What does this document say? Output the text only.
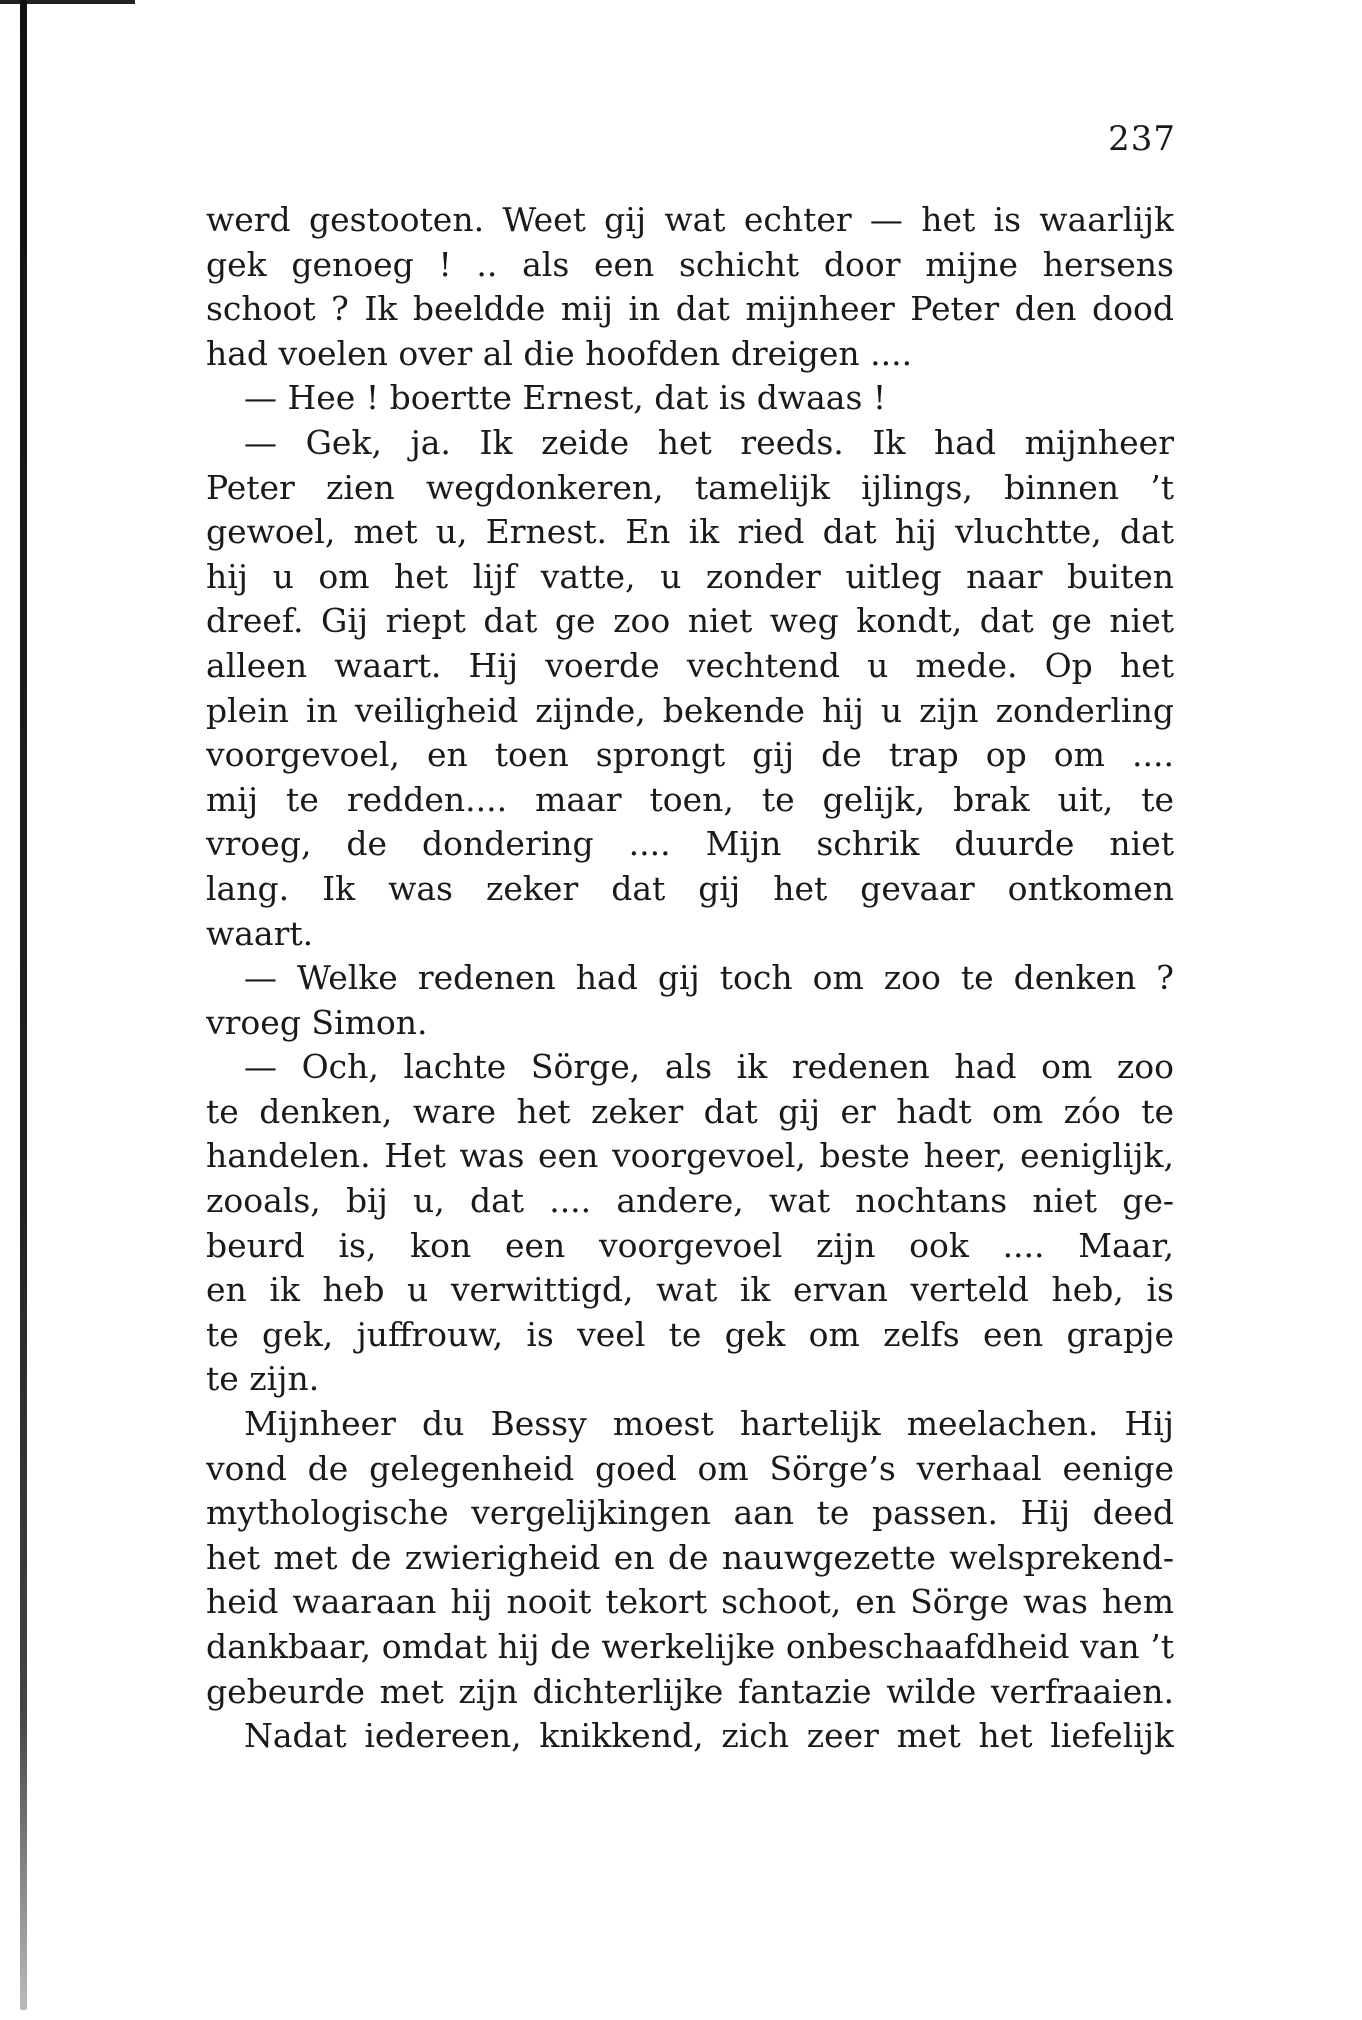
237
werd gestooten. Weet gij wat echter — het is waarlijk
gek genoeg ! .. als een schicht door mijne hersens
schoot ? Ik beeldde mij in dat mijnheer Peter den dood
had voelen over al die hoofden dreigen ....
— Hee ! boertte Ernest, dat is dwaas !
— Gek, ja. Ik zeide het reeds. Ik had mijnheer
Peter zien wegdonkeren, tamelijk ijlings, binnen ’t
gewoel, met u, Ernest. En ik ried dat hij vluchtte, dat
hij u om het lijf vatte, u zonder uitleg naar buiten
dreef. Gij riept dat ge zoo niet weg kondt, dat ge niet
alleen waart. Hij voerde vechtend u mede. Op het
plein in veiligheid zijnde, bekende hij u zijn zonderling
voorgevoel, en toen sprongt gij de trap op om ....
mij te redden.... maar toen, te gelijk, brak uit, te
vroeg, de dondering .... Mijn schrik duurde niet
lang. Ik was zeker dat gij het gevaar ontkomen
waart.
— Welke redenen had gij toch om zoo te denken ?
vroeg Simon.
— Och, lachte Sörge, als ik redenen had om zoo
te denken, ware het zeker dat gij er hadt om zóo te
handelen. Het was een voorgevoel, beste heer, eeniglijk,
zooals, bij u, dat .... andere, wat nochtans niet ge-
beurd is, kon een voorgevoel zijn ook .... Maar,
en ik heb u verwittigd, wat ik ervan verteld heb, is
te gek, juffrouw, is veel te gek om zelfs een grapje
te zijn.
Mijnheer du Bessy moest hartelijk meelachen. Hij
vond de gelegenheid goed om Sörge’s verhaal eenige
mythologische vergelijkingen aan te passen. Hij deed
het met de zwierigheid en de nauwgezette welsprekend-
heid waaraan hij nooit tekort schoot, en Sörge was hem
dankbaar, omdat hij de werkelijke onbeschaafdheid van ’t
gebeurde met zijn dichterlijke fantazie wilde verfraaien.
Nadat iedereen, knikkend, zich zeer met het liefelijk
